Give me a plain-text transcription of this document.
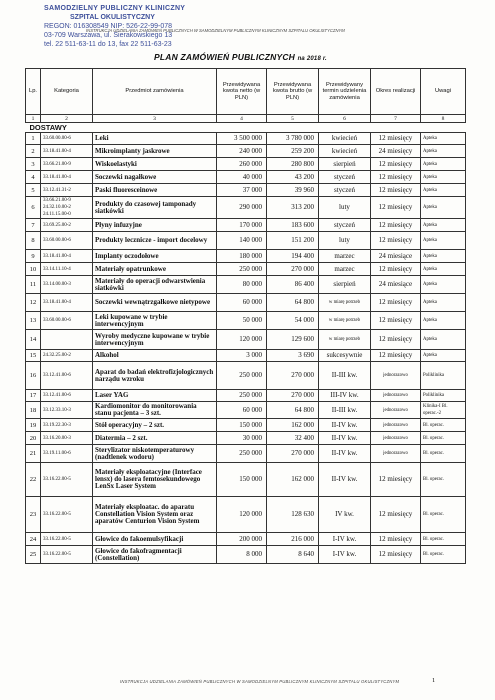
SAMODZIELNY PUBLICZNY KLINICZNY
SZPITAL OKULISTYCZNY
REGON: 016308549 NIP: 526-22-99-078
03-709 Warszawa, ul. Sierakowskiego 13
tel. 22 511-63-11 do 13, fax 22 511-63-23
INSTRUKCJA UDZIELANIA ZAMÓWIEŃ PUBLICZNYCH W SAMODZIELNYM PUBLICZNYM KLINICZNYM SZPITALU OKULISTYCZNYM
PLAN ZAMÓWIEŃ PUBLICZNYCH na 2018 r.
Lp.	Kategoria	Przedmiot zamówienia	Przewidywana kwota netto (w PLN)	Przewidywana kwota brutto (w PLN)	Przewidywany termin udzielenia zamówienia	Okres realizacji	Uwagi
1	2	3	4	5	6	7	8
DOSTAWY							
1	33.60.00.00-6	Leki	3 500 000	3 780 000	kwiecień	12 miesięcy	Apteka
2	33.18.41.00-4	Mikroimplanty jaskrowe	240 000	259 200	kwiecień	24 miesięcy	Apteka
3	33.66.21.00-9	Wiskoelastyki	260 000	280 800	sierpień	12 miesięcy	Apteka
4	33.18.41.00-4	Soczewki nagałkowe	40 000	43 200	styczeń	12 miesięcy	Apteka
5	33.12.41.31-2	Paski fluoresceinowe	37 000	39 960	styczeń	12 miesięcy	Apteka
6	33.66.21.00-9 24.32.10.00-2 24.11.15.00-0	Produkty do czasowej tamponady siatkówki	290 000	313 200	luty	12 miesięcy	Apteka
7	33.69.25.00-2	Płyny infuzyjne	170 000	183 600	styczeń	12 miesięcy	Apteka
8	33.60.00.00-6	Produkty lecznicze - import docelowy	140 000	151 200	luty	12 miesięcy	Apteka
9	33.18.41.00-4	Implanty oczodołowe	180 000	194 400	marzec	24 miesiące	Apteka
10	33.14.11.10-4	Materiały opatrunkowe	250 000	270 000	marzec	12 miesięcy	Apteka
11	33.14.00.00-3	Materiały do operacji odwarstwienia siatkówki	80 000	86 400	sierpień	24 miesiące	Apteka
12	33.18.41.00-4	Soczewki wewnątrzgałkowe nietypowe	60 000	64 800	w miarę potrzeb	12 miesięcy	Apteka
13	33.60.00.00-6	Leki kupowane w trybie interwencyjnym	50 000	54 000	w miarę potrzeb	12 miesięcy	Apteka
14		Wyroby medyczne kupowane w trybie interwencyjnym	120 000	129 600	w miarę potrzeb	12 miesięcy	Apteka
15	24.32.25.00-2	Alkohol	3 000	3 690	sukcesywnie	12 miesięcy	Apteka
16	33.12.41.00-6	Aparat do badań elektrofizjologicznych narządu wzroku	250 000	270 000	II-III kw.	jednorazowo	Poliklinika
17	33.12.41.00-6	Laser YAG	250 000	270 000	III-IV kw.	jednorazowo	Poliklinika
18	33.12.33.10-3	Kardiomonitor do monitorowania stanu pacjenta – 3 szt.	60 000	64 800	II-III kw.	jednorazowo	Klinika-I Bl. operac.-2
19	33.19.22.30-3	Stół operacyjny – 2 szt.	150 000	162 000	II-IV kw.	jednorazowo	Bl. operac.
20	33.16.20.00-3	Diatermia – 2 szt.	30 000	32 400	II-IV kw.	jednorazowo	Bl. operac.
21	33.19.11.00-6	Sterylizator niskotemperaturowy (nadtlenek wodoru)	250 000	270 000	II-IV kw.	jednorazowo	Bl. operac.
22	33.16.22.00-5	Materiały eksploatacyjne (Interface lensx) do lasera femtosekundowego LenSx Laser System	150 000	162 000	II-IV kw.	12 miesięcy	Bl. operac.
23	33.16.22.00-5	Materiały eksploatac. do aparatu Constellation Vision System oraz aparatów Centurion Vision System	120 000	128 630	IV kw.	12 miesięcy	Bl. operac.
24	33.16.22.00-5	Głowice do fakoemulsyfikacji	200 000	216 000	I-IV kw.	12 miesięcy	Bl. operac.
25	33.16.22.00-5	Głowice do fakofragmentacji (Constellation)	8 000	8 640	I-IV kw.	12 miesięcy	Bl. operac.
INSTRUKCJA UDZIELANIA ZAMÓWIEŃ PUBLICZNYCH W SAMODZIELNYM PUBLICZNYM KLINICZNYM SZPITALU OKULISTYCZNYM	1
